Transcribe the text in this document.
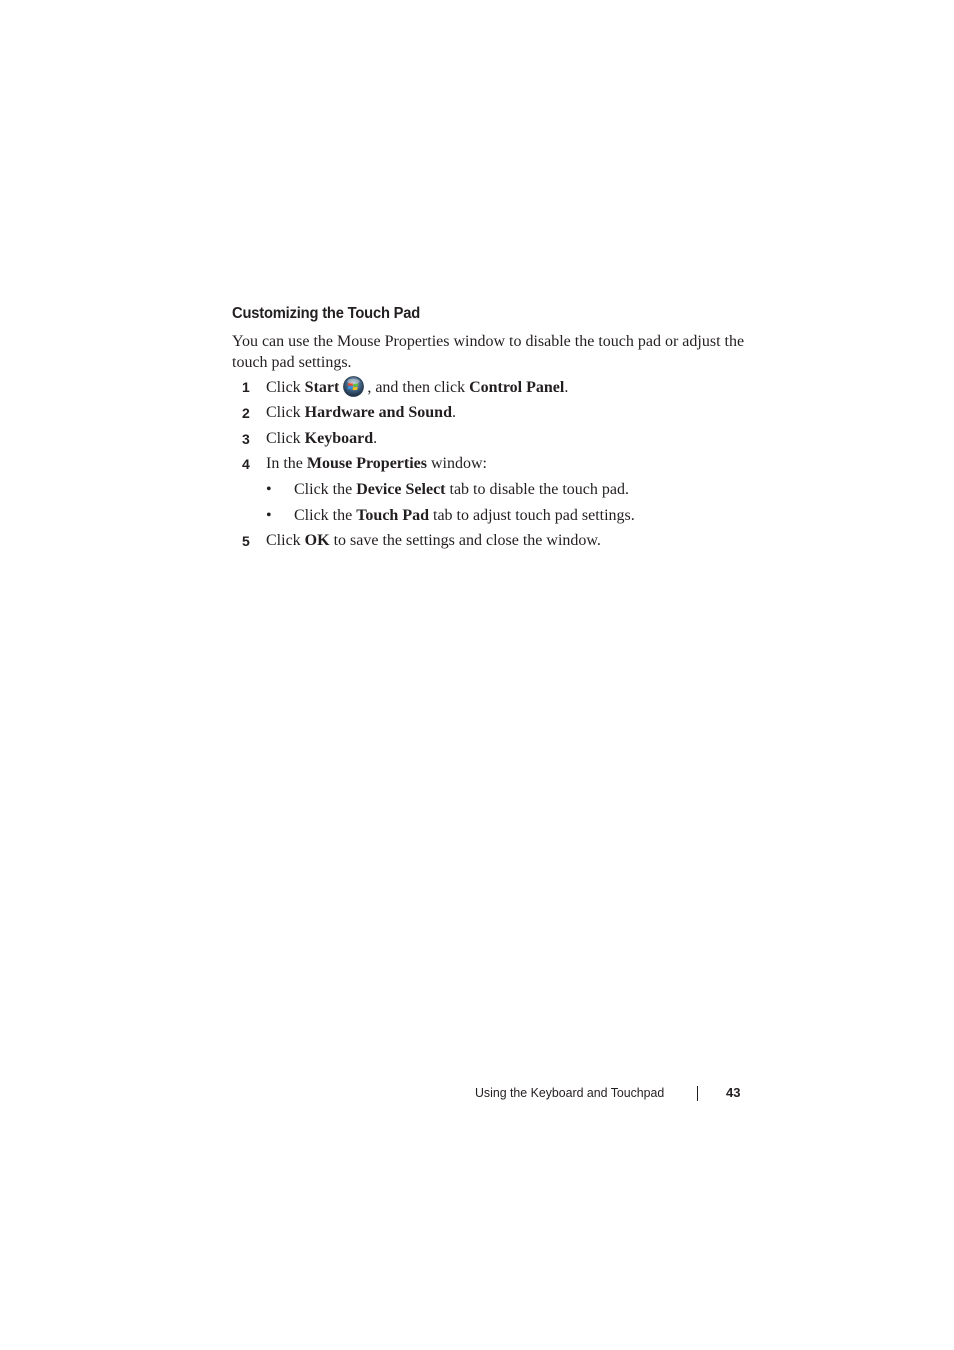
Customizing the Touch Pad
You can use the Mouse Properties window to disable the touch pad or adjust the touch pad settings.
1 Click Start , and then click Control Panel.
2 Click Hardware and Sound.
3 Click Keyboard.
4 In the Mouse Properties window:
• Click the Device Select tab to disable the touch pad.
• Click the Touch Pad tab to adjust touch pad settings.
5 Click OK to save the settings and close the window.
Using the Keyboard and Touchpad	43
